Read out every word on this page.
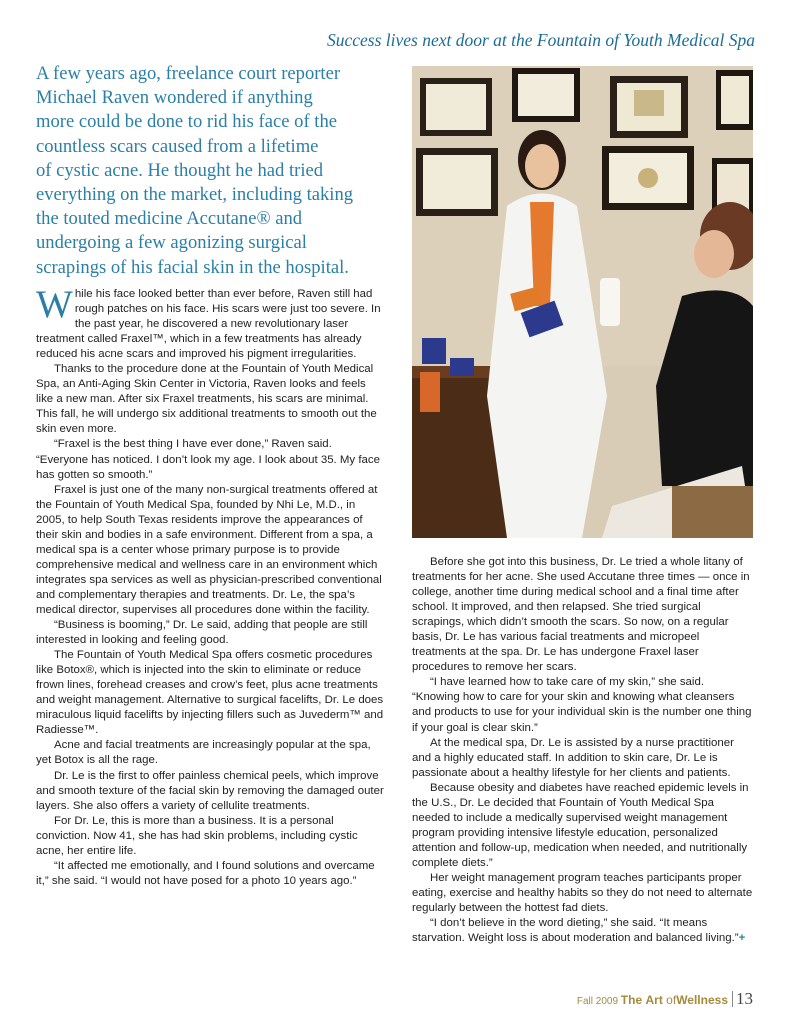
Success lives next door at the Fountain of Youth Medical Spa
A few years ago, freelance court reporter
Michael Raven wondered if anything
more could be done to rid his face of the
countless scars caused from a lifetime
of cystic acne. He thought he had tried
everything on the market, including taking
the touted medicine Accutane® and
undergoing a few agonizing surgical
scrapings of his facial skin in the hospital.

While his face looked better than ever before, Raven still had rough patches on his face. His scars were just too severe. In the past year, he discovered a new revolutionary laser treatment called Fraxel™, which in a few treatments has already reduced his acne scars and improved his pigment irregularities.

Thanks to the procedure done at the Fountain of Youth Medical Spa, an Anti-Aging Skin Center in Victoria, Raven looks and feels like a new man. After six Fraxel treatments, his scars are minimal. This fall, he will undergo six additional treatments to smooth out the skin even more.

“Fraxel is the best thing I have ever done,” Raven said. “Everyone has noticed. I don’t look my age. I look about 35. My face has gotten so smooth.”

Fraxel is just one of the many non-surgical treatments offered at the Fountain of Youth Medical Spa, founded by Nhi Le, M.D., in 2005, to help South Texas residents improve the appearances of their skin and bodies in a safe environment. Different from a spa, a medical spa is a center whose primary purpose is to provide comprehensive medical and wellness care in an environment which integrates spa services as well as physician-prescribed conventional and complementary therapies and treatments. Dr. Le, the spa’s medical director, supervises all procedures done within the facility.

“Business is booming,” Dr. Le said, adding that people are still interested in looking and feeling good.

The Fountain of Youth Medical Spa offers cosmetic procedures like Botox®, which is injected into the skin to eliminate or reduce frown lines, forehead creases and crow’s feet, plus acne treatments and weight management. Alternative to surgical facelifts, Dr. Le does miraculous liquid facelifts by injecting fillers such as Juvederm™ and Radiesse™.

Acne and facial treatments are increasingly popular at the spa, yet Botox is all the rage.

Dr. Le is the first to offer painless chemical peels, which improve and smooth texture of the facial skin by removing the damaged outer layers. She also offers a variety of cellulite treatments.

For Dr. Le, this is more than a business. It is a personal conviction. Now 41, she has had skin problems, including cystic acne, her entire life.

“It affected me emotionally, and I found solutions and overcame it,” she said. “I would not have posed for a photo 10 years ago.”

Before she got into this business, Dr. Le tried a whole litany of treatments for her acne. She used Accutane three times — once in college, another time during medical school and a final time after school. It improved, and then relapsed. She tried surgical scrapings, which didn’t smooth the scars. So now, on a regular basis, Dr. Le has various facial treatments and micropeel treatments at the spa. Dr. Le has undergone Fraxel laser procedures to remove her scars.

“I have learned how to take care of my skin,” she said. “Knowing how to care for your skin and knowing what cleansers and products to use for your individual skin is the number one thing if your goal is clear skin.”

At the medical spa, Dr. Le is assisted by a nurse practitioner and a highly educated staff. In addition to skin care, Dr. Le is passionate about a healthy lifestyle for her clients and patients.

Because obesity and diabetes have reached epidemic levels in the U.S., Dr. Le decided that Fountain of Youth Medical Spa needed to include a medically supervised weight management program providing intensive lifestyle education, personalized attention and follow-up, medication when needed, and nutritionally complete diets.”

Her weight management program teaches participants proper eating, exercise and healthy habits so they do not need to alternate regularly between the hottest fad diets.

“I don’t believe in the word dieting,” she said. “It means starvation. Weight loss is about moderation and balanced living.”+

Fall 2009 The Art ofWellness 13
